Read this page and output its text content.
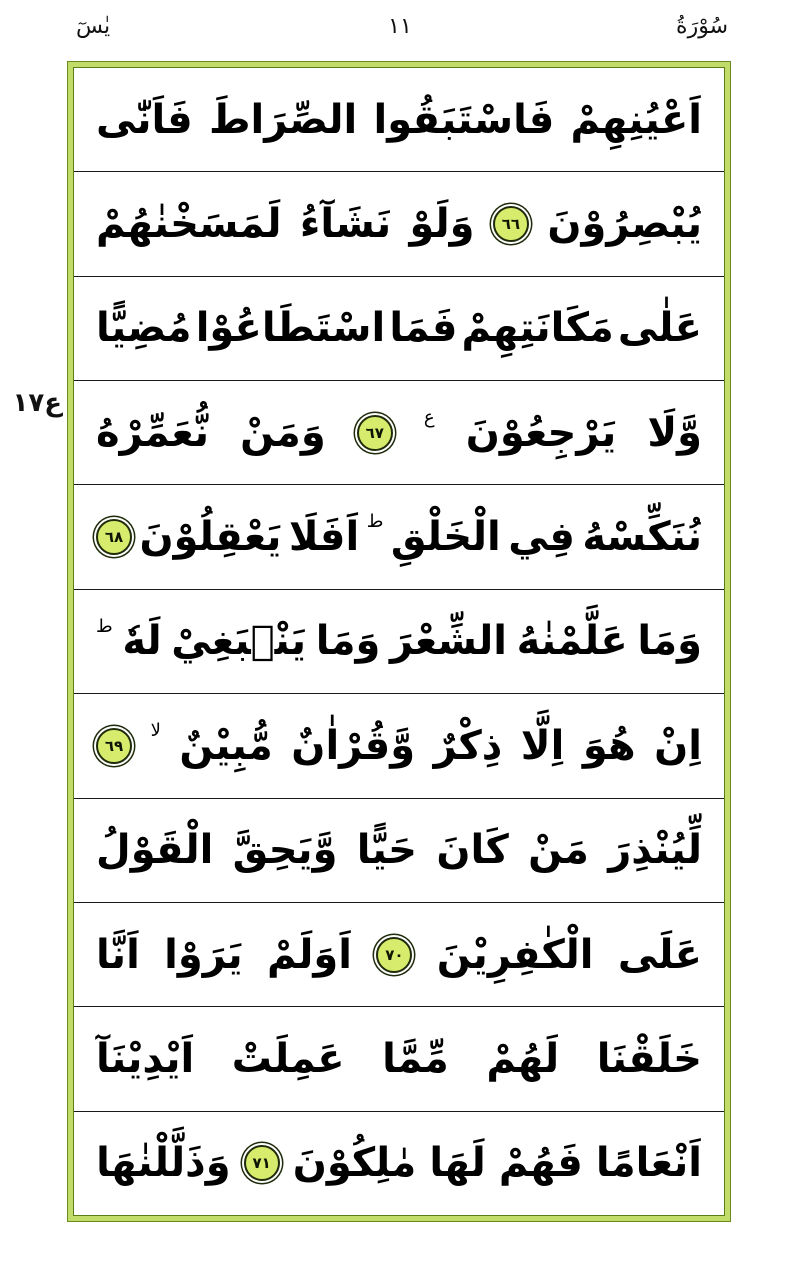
سُوْرَةُ
١١
يٰسٓ
ع١٧
اَعْيُنِهِمْ
فَاسْتَبَقُوا
الصِّرَاطَ
فَاَنّٰى
يُبْصِرُوْنَ
٦٦
وَلَوْ
نَشَآءُ
لَمَسَخْنٰهُمْ
عَلٰى
مَكَانَتِهِمْ
فَمَا
اسْتَطَاعُوْا
مُضِيًّا
وَّلَا
يَرْجِعُوْنَ
ع
٦٧
وَمَنْ
نُّعَمِّرْهُ
نُنَكِّسْهُ
فِي
الْخَلْقِ
ط
اَفَلَا
يَعْقِلُوْنَ
٦٨
وَمَا
عَلَّمْنٰهُ
الشِّعْرَ
وَمَا
يَنْۢبَغِيْ
لَهٗ
ط
اِنْ
هُوَ
اِلَّا
ذِكْرٌ
وَّقُرْاٰنٌ
مُّبِيْنٌ
لا
٦٩
لِّيُنْذِرَ
مَنْ
كَانَ
حَيًّا
وَّيَحِقَّ
الْقَوْلُ
عَلَى
الْكٰفِرِيْنَ
٧٠
اَوَلَمْ
يَرَوْا
اَنَّا
خَلَقْنَا
لَهُمْ
مِّمَّا
عَمِلَتْ
اَيْدِيْنَآ
اَنْعَامًا
فَهُمْ
لَهَا
مٰلِكُوْنَ
٧١
وَذَلَّلْنٰهَا
